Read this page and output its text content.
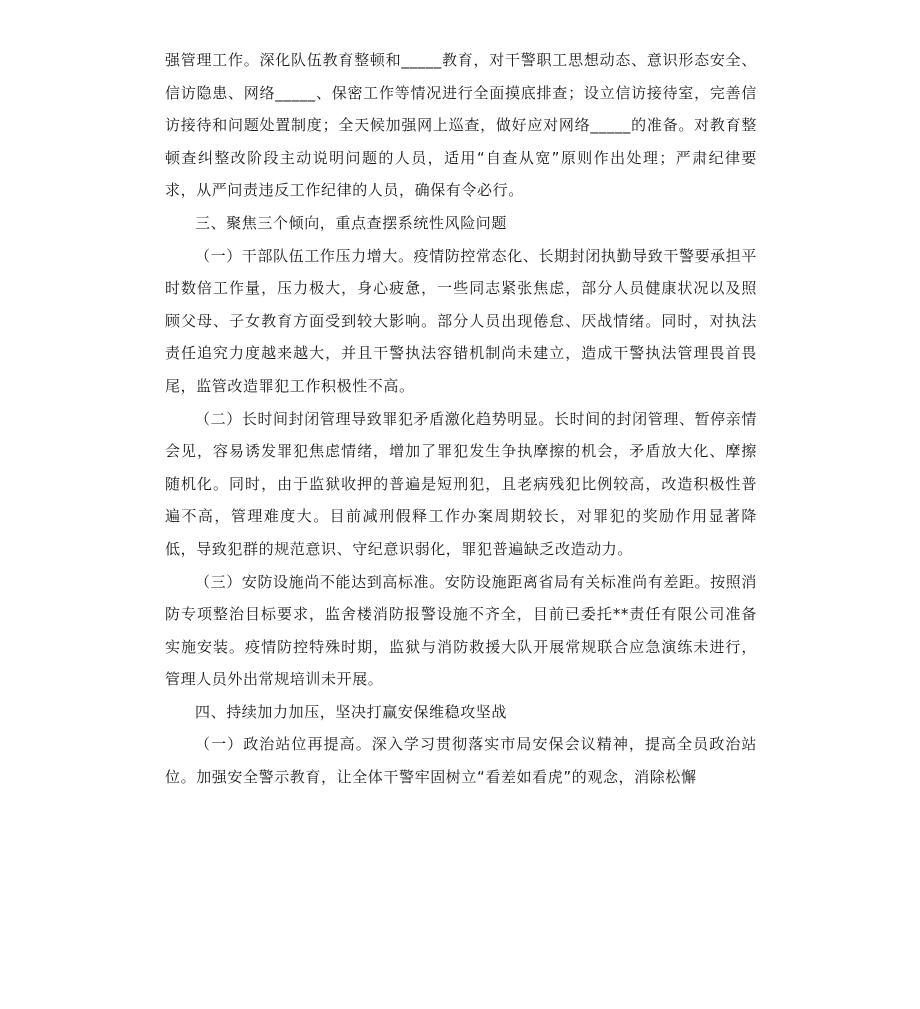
强管理工作。深化队伍教育整顿和_____教育，对干警职工思想动态、意识形态安全、信访隐患、网络_____、保密工作等情况进行全面摸底排查；设立信访接待室，完善信访接待和问题处置制度；全天候加强网上巡查，做好应对网络_____的准备。对教育整顿查纠整改阶段主动说明问题的人员，适用“自查从宽”原则作出处理；严肃纪律要求，从严问责违反工作纪律的人员，确保有令必行。

三、聚焦三个倾向，重点查摆系统性风险问题

（一）干部队伍工作压力增大。疫情防控常态化、长期封闭执勤导致干警要承担平时数倍工作量，压力极大，身心疲惫，一些同志紧张焦虑，部分人员健康状况以及照顾父母、子女教育方面受到较大影响。部分人员出现倦怠、厌战情绪。同时，对执法责任追究力度越来越大，并且干警执法容错机制尚未建立，造成干警执法管理畏首畏尾，监管改造罪犯工作积极性不高。

（二）长时间封闭管理导致罪犯矛盾激化趋势明显。长时间的封闭管理、暂停亲情会见，容易诱发罪犯焦虑情绪，增加了罪犯发生争执摩擦的机会，矛盾放大化、摩擦随机化。同时，由于监狱收押的普遍是短刑犯，且老病残犯比例较高，改造积极性普遍不高，管理难度大。目前减刑假释工作办案周期较长，对罪犯的奖励作用显著降低，导致犯群的规范意识、守纪意识弱化，罪犯普遍缺乏改造动力。

（三）安防设施尚不能达到高标准。安防设施距离省局有关标准尚有差距。按照消防专项整治目标要求，监舍楼消防报警设施不齐全，目前已委托**责任有限公司准备实施安装。疫情防控特殊时期，监狱与消防救援大队开展常规联合应急演练未进行，管理人员外出常规培训未开展。

四、持续加力加压，坚决打赢安保维稳攻坚战

（一）政治站位再提高。深入学习贯彻落实市局安保会议精神，提高全员政治站位。加强安全警示教育，让全体干警牢固树立“看差如看虎”的观念，消除松懈
